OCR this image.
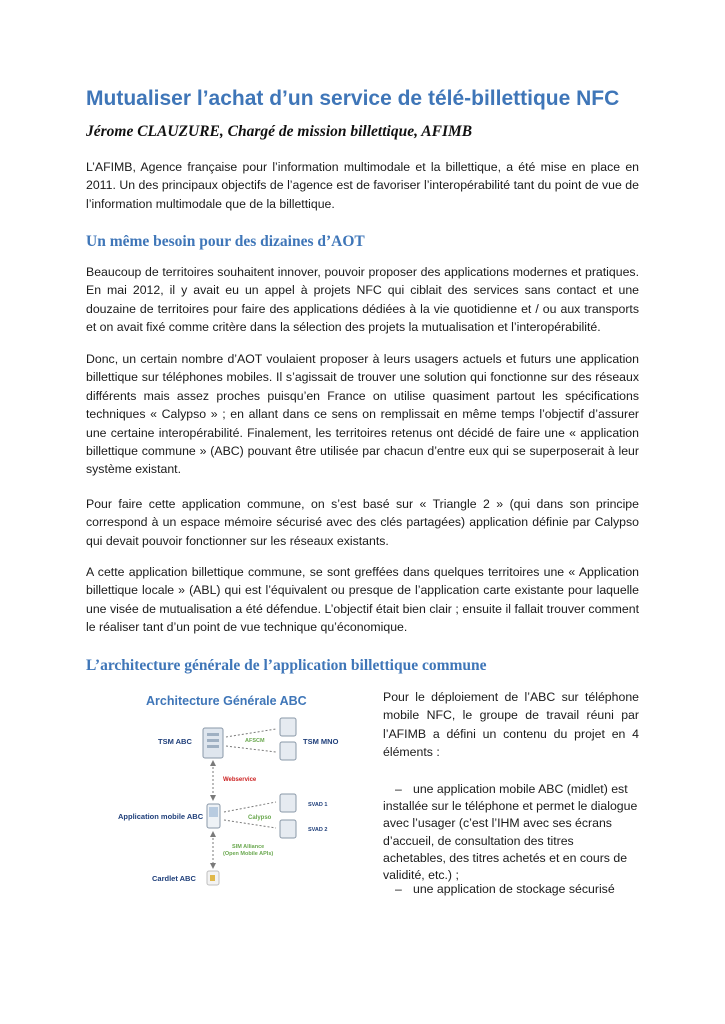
Mutualiser l’achat d’un service de télé-billettique NFC
Jérome CLAUZURE, Chargé de mission billettique, AFIMB

L’AFIMB, Agence française pour l’information multimodale et la billettique, a été mise en place en 2011. Un des principaux objectifs de l’agence est de favoriser l’interopérabilité tant du point de vue de l’information multimodale que de la billettique.

Un même besoin pour des dizaines d’AOT

Beaucoup de territoires souhaitent innover, pouvoir proposer des applications modernes et pratiques. En mai 2012, il y avait eu un appel à projets NFC qui ciblait des services sans contact et une douzaine de territoires pour faire des applications dédiées à la vie quotidienne et / ou aux transports et on avait fixé comme critère dans la sélection des projets la mutualisation et l’interopérabilité.

Donc, un certain nombre d’AOT voulaient proposer à leurs usagers actuels et futurs une application billettique sur téléphones mobiles. Il s’agissait de trouver une solution qui fonctionne sur des réseaux différents mais assez proches puisqu’en France on utilise quasiment partout les spécifications techniques « Calypso » ; en allant dans ce sens on remplissait en même temps l’objectif d’assurer une certaine interopérabilité. Finalement, les territoires retenus ont décidé de faire une « application billettique commune » (ABC) pouvant être utilisée par chacun d’entre eux qui se superposerait à leur système existant.

Pour faire cette application commune, on s’est basé sur « Triangle 2 » (qui dans son principe correspond à un espace mémoire sécurisé avec des clés partagées) application définie par Calypso qui devait pouvoir fonctionner sur les réseaux existants.

A cette application billettique commune, se sont greffées dans quelques territoires une « Application billettique locale » (ABL) qui est l’équivalent ou presque de l’application carte existante pour laquelle une visée de mutualisation a été défendue. L’objectif était bien clair ; ensuite il fallait trouver comment le réaliser tant d’un point de vue technique qu’économique.

L’architecture générale de l’application billettique commune
Architecture Générale ABC
TSM ABC	AFSCM	TSM MNO
Webservice
Application mobile ABC	Calypso
SVAD 1
SVAD 2
SIM Alliance
(Open Mobile APIs)
Cardlet ABC

Pour le déploiement de l’ABC sur téléphone mobile NFC, le groupe de travail réuni par l’AFIMB a défini un contenu du projet en 4 éléments :

– une application mobile ABC (midlet) est installée sur le téléphone et permet le dialogue avec l’usager (c’est l’IHM avec ses écrans d’accueil, de consultation des titres achetables, des titres achetés et en cours de validité, etc.) ;

– une application de stockage sécurisé
